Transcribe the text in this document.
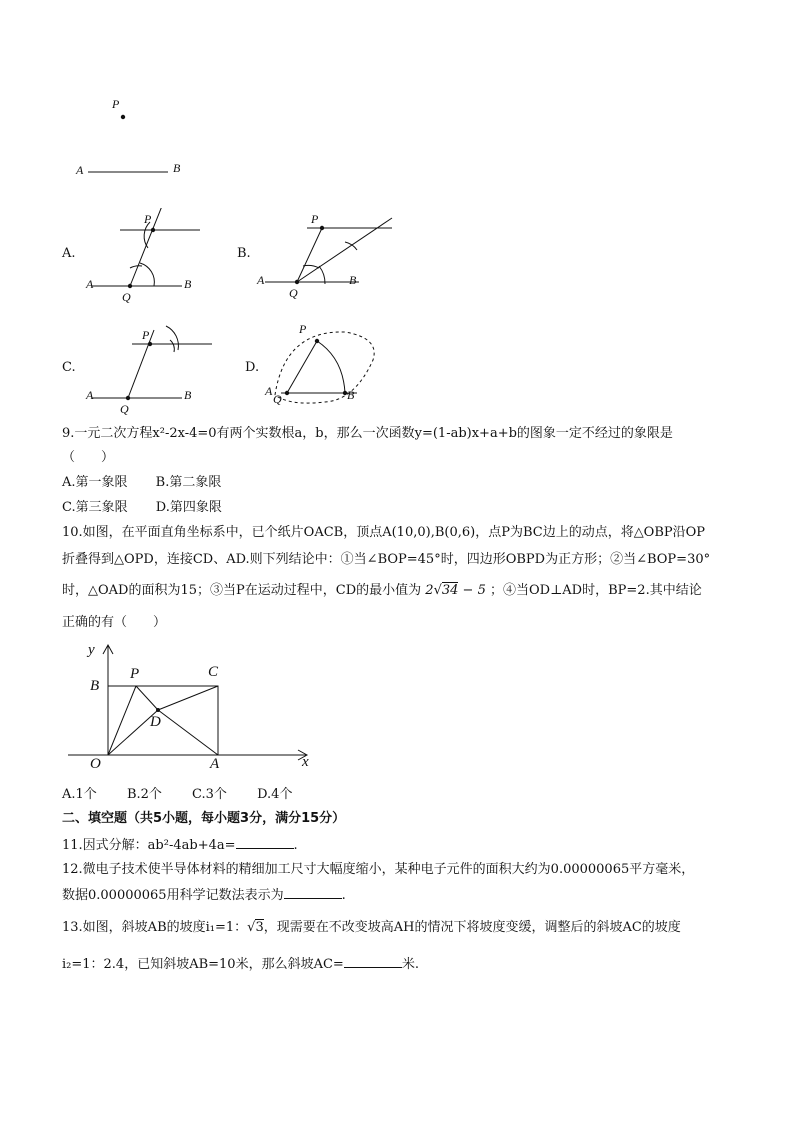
P
A	B
A.
P
A	B
Q
B.
P
A	B
Q
C.
P
A	B
Q
D.
P
A
Q	B
9.一元二次方程x²-2x-4=0有两个实数根a，b，那么一次函数y=(1-ab)x+a+b的图象一定不经过的象限是
（　　）
A.第一象限 B.第二象限
C.第三象限 D.第四象限
10.如图，在平面直角坐标系中，已个纸片OACB，顶点A(10,0),B(0,6)，点P为BC边上的动点，将△OBP沿OP
折叠得到△OPD，连接CD、AD.则下列结论中：①当∠BOP=45°时，四边形OBPD为正方形；②当∠BOP=30°
时，△OAD的面积为15；③当P在运动过程中，CD的最小值为 2√34 − 5 ；④当OD⊥AD时，BP=2.其中结论
正确的有（　　）
y
x
B
P	C
D
O	A
A.1个 B.2个 C.3个 D.4个
二、填空题（共5小题，每小题3分，满分15分）
11.因式分解：ab²-4ab+4a=	.
12.微电子技术使半导体材料的精细加工尺寸大幅度缩小，某种电子元件的面积大约为0.00000065平方毫米，
数据0.00000065用科学记数法表示为	.
13.如图，斜坡AB的坡度i₁=1：√3，现需要在不改变坡高AH的情况下将坡度变缓，调整后的斜坡AC的坡度
i₂=1：2.4，已知斜坡AB=10米，那么斜坡AC=	米.
